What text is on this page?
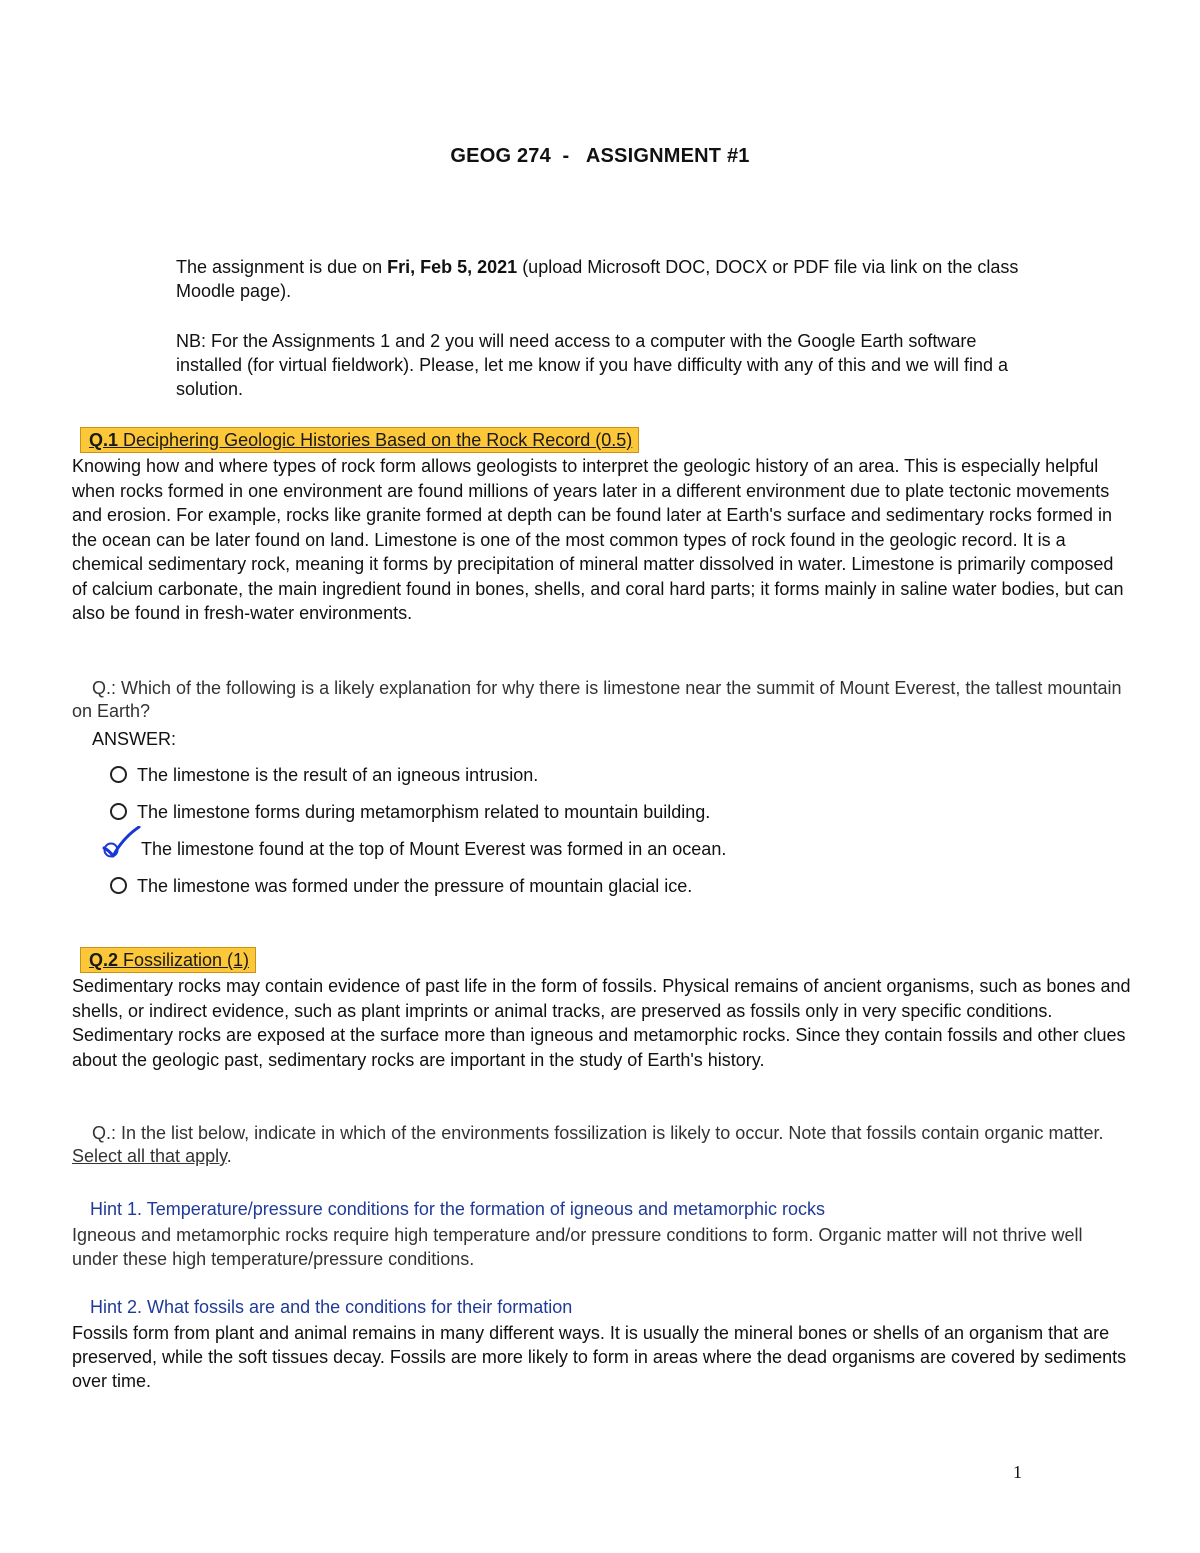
GEOG 274  -   ASSIGNMENT #1

The assignment is due on Fri, Feb 5, 2021 (upload Microsoft DOC, DOCX or PDF file via link on the class Moodle page).

NB: For the Assignments 1 and 2 you will need access to a computer with the Google Earth software installed (for virtual fieldwork). Please, let me know if you have difficulty with any of this and we will find a solution.

Q.1 Deciphering Geologic Histories Based on the Rock Record (0.5)

Knowing how and where types of rock form allows geologists to interpret the geologic history of an area. This is especially helpful when rocks formed in one environment are found millions of years later in a different environment due to plate tectonic movements and erosion. For example, rocks like granite formed at depth can be found later at Earth's surface and sedimentary rocks formed in the ocean can be later found on land. Limestone is one of the most common types of rock found in the geologic record. It is a chemical sedimentary rock, meaning it forms by precipitation of mineral matter dissolved in water. Limestone is primarily composed of calcium carbonate, the main ingredient found in bones, shells, and coral hard parts; it forms mainly in saline water bodies, but can also be found in fresh-water environments.

Q.: Which of the following is a likely explanation for why there is limestone near the summit of Mount Everest, the tallest mountain on Earth?

ANSWER:
The limestone is the result of an igneous intrusion.
The limestone forms during metamorphism related to mountain building.
The limestone found at the top of Mount Everest was formed in an ocean.
The limestone was formed under the pressure of mountain glacial ice.
Q.2 Fossilization (1)

Sedimentary rocks may contain evidence of past life in the form of fossils. Physical remains of ancient organisms, such as bones and shells, or indirect evidence, such as plant imprints or animal tracks, are preserved as fossils only in very specific conditions. Sedimentary rocks are exposed at the surface more than igneous and metamorphic rocks. Since they contain fossils and other clues about the geologic past, sedimentary rocks are important in the study of Earth's history.

Q.: In the list below, indicate in which of the environments fossilization is likely to occur. Note that fossils contain organic matter. Select all that apply.

Hint 1. Temperature/pressure conditions for the formation of igneous and metamorphic rocks

Igneous and metamorphic rocks require high temperature and/or pressure conditions to form. Organic matter will not thrive well under these high temperature/pressure conditions.

Hint 2. What fossils are and the conditions for their formation

Fossils form from plant and animal remains in many different ways. It is usually the mineral bones or shells of an organism that are preserved, while the soft tissues decay. Fossils are more likely to form in areas where the dead organisms are covered by sediments over time.

1
